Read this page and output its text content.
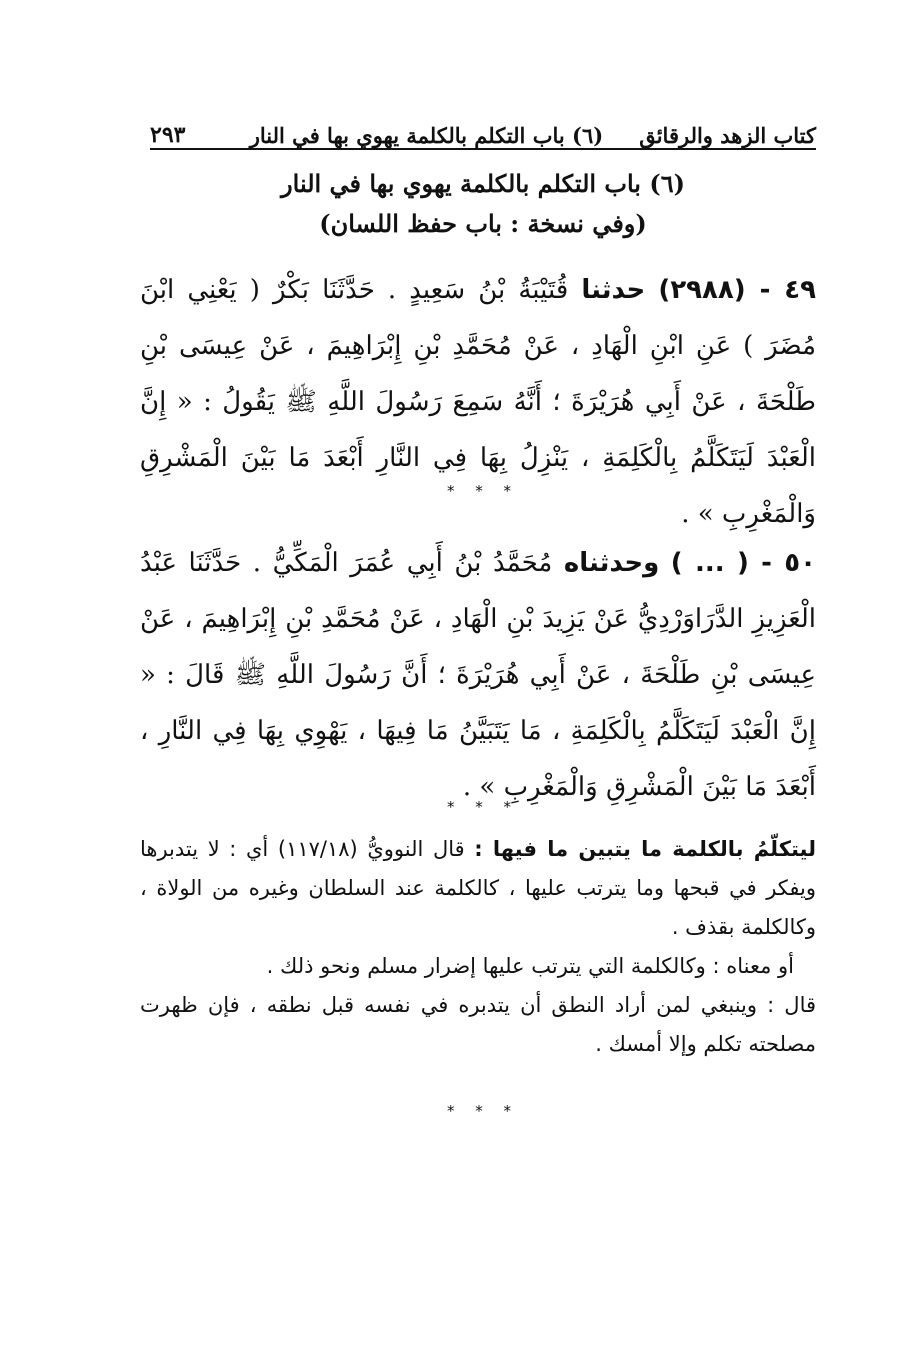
كتاب الزهد والرقائق
(٦) باب التكلم بالكلمة يهوي بها في النار
٢٩٣
(٦) باب التكلم بالكلمة يهوي بها في النار
(وفي نسخة : باب حفظ اللسان)
٤٩ - (٢٩٨٨) حدثنا قُتَيْبَةُ بْنُ سَعِيدٍ . حَدَّثَنَا بَكْرٌ ( يَعْنِي ابْنَ مُضَرَ ) عَنِ ابْنِ الْهَادِ ، عَنْ مُحَمَّدِ بْنِ إِبْرَاهِيمَ ، عَنْ عِيسَى بْنِ طَلْحَةَ ، عَنْ أَبِي هُرَيْرَةَ ؛ أَنَّهُ سَمِعَ رَسُولَ اللَّهِ ﷺ يَقُولُ : « إِنَّ الْعَبْدَ لَيَتَكَلَّمُ بِالْكَلِمَةِ ، يَنْزِلُ بِهَا فِي النَّارِ أَبْعَدَ مَا بَيْنَ الْمَشْرِقِ وَالْمَغْرِبِ » .
* * *
٥٠ - ( ... ) وحدثناه مُحَمَّدُ بْنُ أَبِي عُمَرَ الْمَكِّيُّ . حَدَّثَنَا عَبْدُ الْعَزِيزِ الدَّرَاوَرْدِيُّ عَنْ يَزِيدَ بْنِ الْهَادِ ، عَنْ مُحَمَّدِ بْنِ إِبْرَاهِيمَ ، عَنْ عِيسَى بْنِ طَلْحَةَ ، عَنْ أَبِي هُرَيْرَةَ ؛ أَنَّ رَسُولَ اللَّهِ ﷺ قَالَ : « إِنَّ الْعَبْدَ لَيَتَكَلَّمُ بِالْكَلِمَةِ ، مَا يَتَبَيَّنُ مَا فِيهَا ، يَهْوِي بِهَا فِي النَّارِ ، أَبْعَدَ مَا بَيْنَ الْمَشْرِقِ وَالْمَغْرِبِ » .
* * *

ليتكلّمُ بالكلمة ما يتبين ما فيها : قال النوويُّ (١١٧/١٨) أي : لا يتدبرها ويفكر في قبحها وما يترتب عليها ، كالكلمة عند السلطان وغيره من الولاة ، وكالكلمة بقذف .

أو معناه : وكالكلمة التي يترتب عليها إضرار مسلم ونحو ذلك .

قال : وينبغي لمن أراد النطق أن يتدبره في نفسه قبل نطقه ، فإن ظهرت مصلحته تكلم وإلا أمسك .

* * *
